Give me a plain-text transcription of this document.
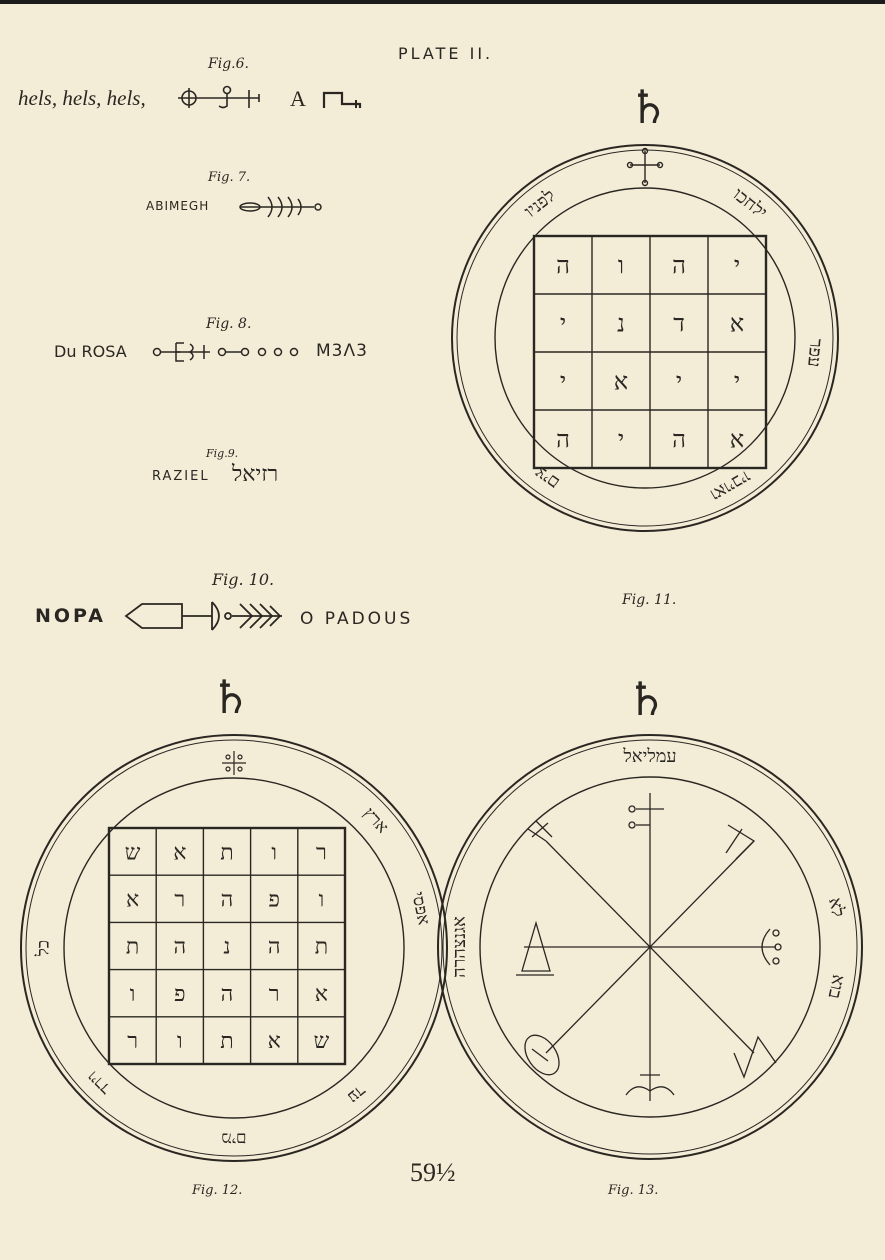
PLATE II.
Fig.6.
hels, hels, hels,	A
Fig. 7.
ABIMEGH
Fig. 8.
Du ROSA	M3Λ3
Fig.9.
RAZIEL רזיאל
Fig. 10.
NOPA	O PADOUS
♄
ה ו ה י
י נ ד א
י א י י
ה י ה א
לפניו	ילחכו
צים	ואויביו
עפר
Fig. 11.
♄
ש א ת ו ר
א ר ה פ ו
ת ה נ ה ת
ו פ ה ר א
ר ו ת א ש
ארץ
אפסי
כל
וירד
מים
עד
Fig. 12.
♄
עמליאל
לא
בוא
אגנצהרה
Fig. 13.
59½
